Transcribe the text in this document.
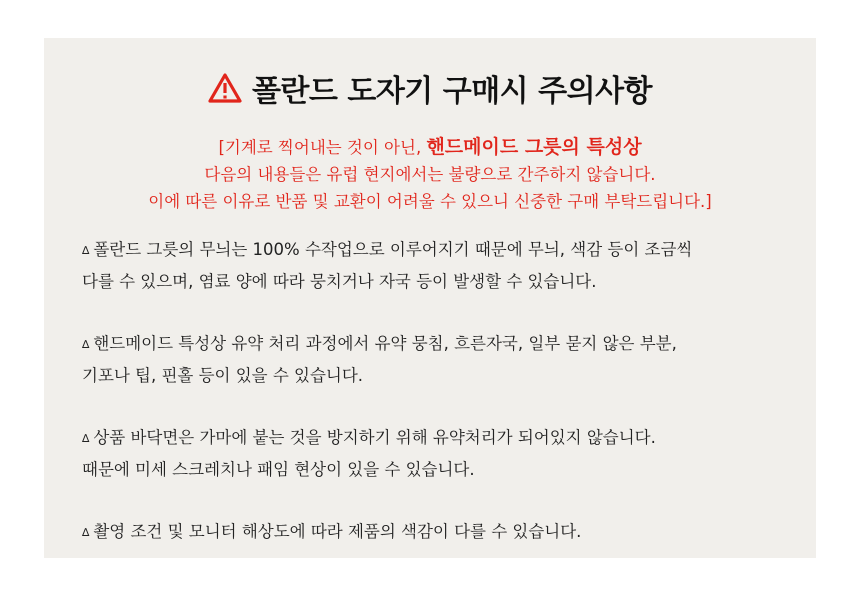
폴란드 도자기 구매시 주의사항
[기계로 찍어내는 것이 아닌, 핸드메이드 그릇의 특성상
다음의 내용들은 유럽 현지에서는 불량으로 간주하지 않습니다.
이에 따른 이유로 반품 및 교환이 어려울 수 있으니 신중한 구매 부탁드립니다.]
∆ 폴란드 그릇의 무늬는 100% 수작업으로 이루어지기 때문에 무늬, 색감 등이 조금씩
다를 수 있으며, 염료 양에 따라 뭉치거나 자국 등이 발생할 수 있습니다.
∆ 핸드메이드 특성상 유약 처리 과정에서 유약 뭉침, 흐른자국, 일부 묻지 않은 부분,
기포나 팁, 핀홀 등이 있을 수 있습니다.
∆ 상품 바닥면은 가마에 붙는 것을 방지하기 위해 유약처리가 되어있지 않습니다.
때문에 미세 스크레치나 패임 현상이 있을 수 있습니다.
∆ 촬영 조건 및 모니터 해상도에 따라 제품의 색감이 다를 수 있습니다.
